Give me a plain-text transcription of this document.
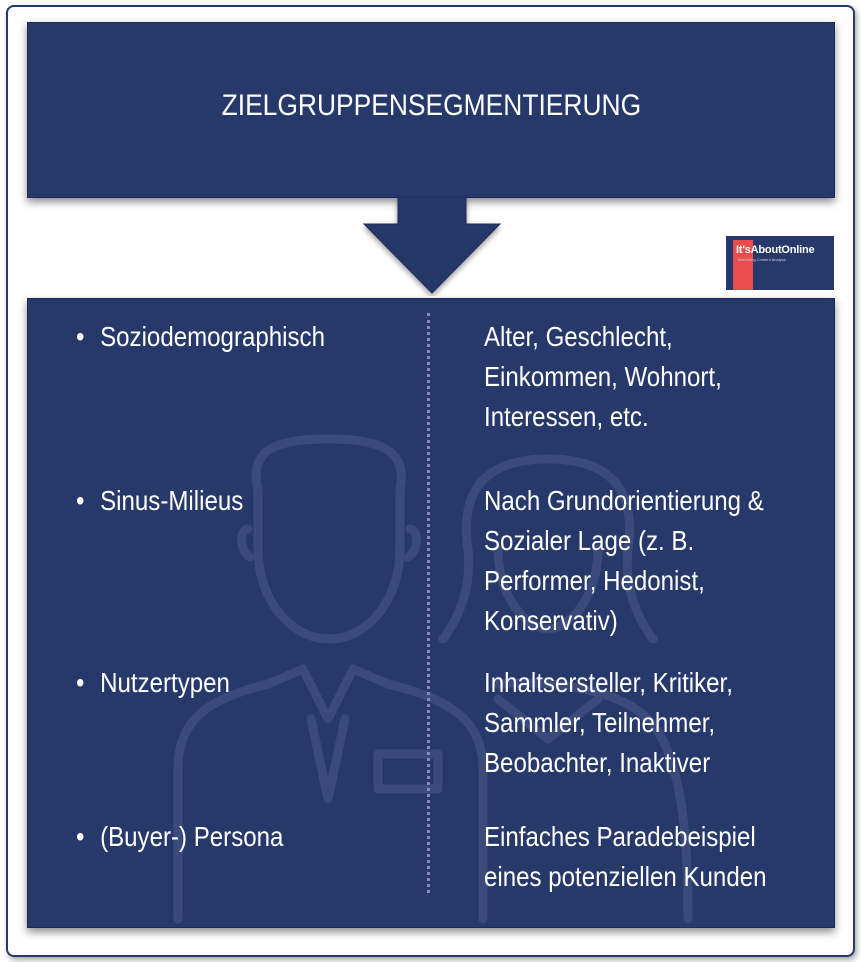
ZIELGRUPPENSEGMENTIERUNG
It'sAboutOnline
Marketing Content Analyse
• Soziodemographisch	Alter, Geschlecht,
Einkommen, Wohnort,
Interessen, etc.
• Sinus-Milieus	Nach Grundorientierung &
Sozialer Lage (z. B.
Performer, Hedonist,
Konservativ)
• Nutzertypen	Inhaltsersteller, Kritiker,
Sammler, Teilnehmer,
Beobachter, Inaktiver
• (Buyer-) Persona	Einfaches Paradebeispiel
eines potenziellen Kunden
